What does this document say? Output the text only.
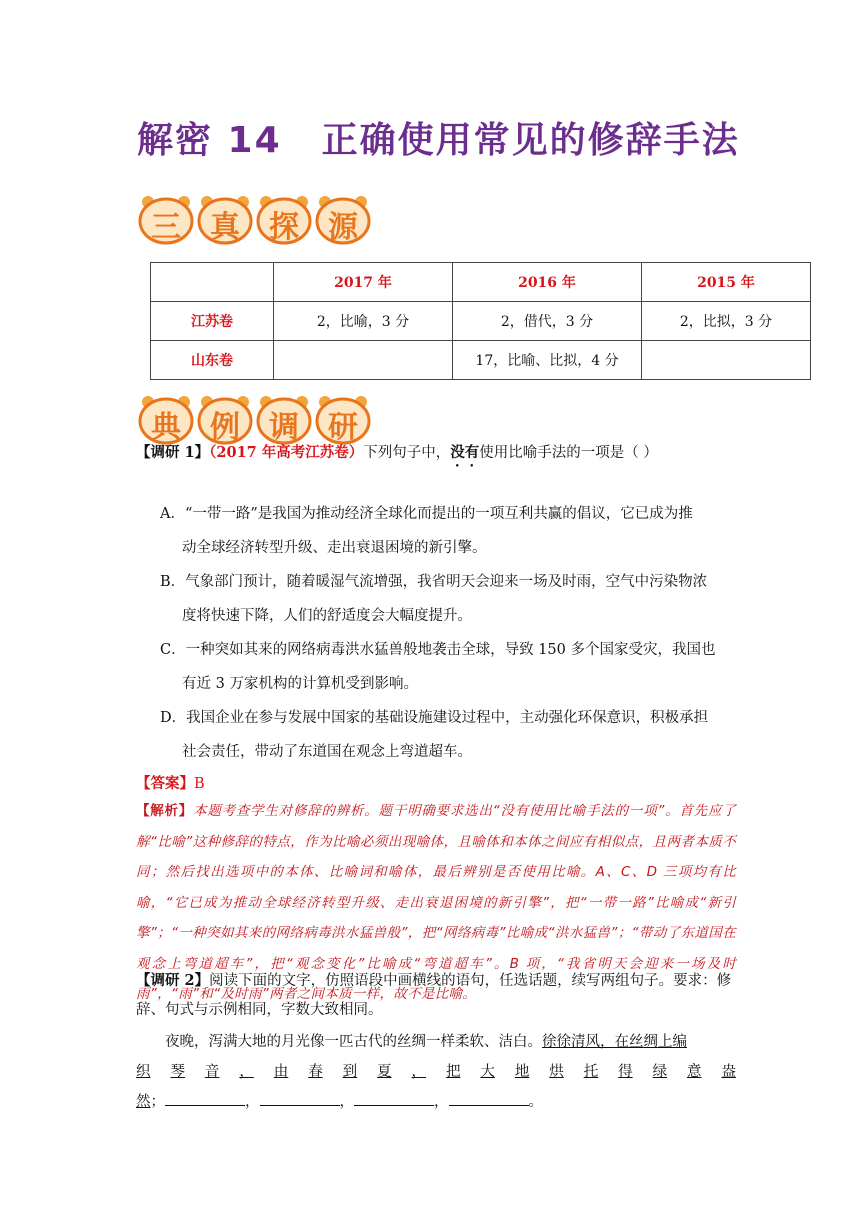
解密 14 正确使用常见的修辞手法
三 真 探 源
	2017 年	2016 年	2015 年
江苏卷	2，比喻，3 分	2，借代，3 分	2，比拟，3 分
山东卷		17，比喻、比拟，4 分	
典 例 调 研
【调研 1】（2017 年高考江苏卷）下列句子中，没有使用比喻手法的一项是（ ）
A．“一带一路”是我国为推动经济全球化而提出的一项互利共赢的倡议，它已成为推
动全球经济转型升级、走出衰退困境的新引擎。
B．气象部门预计，随着暖湿气流增强，我省明天会迎来一场及时雨，空气中污染物浓
度将快速下降，人们的舒适度会大幅度提升。
C．一种突如其来的网络病毒洪水猛兽般地袭击全球，导致 150 多个国家受灾，我国也
有近 3 万家机构的计算机受到影响。
D．我国企业在参与发展中国家的基础设施建设过程中，主动强化环保意识，积极承担
社会责任，带动了东道国在观念上弯道超车。
【答案】B
【解析】本题考查学生对修辞的辨析。题干明确要求选出“没有使用比喻手法的一项”。首先应了解“比喻”这种修辞的特点，作为比喻必须出现喻体，且喻体和本体之间应有相似点，且两者本质不同；然后找出选项中的本体、比喻词和喻体，最后辨别是否使用比喻。A、C、D 三项均有比喻，“它已成为推动全球经济转型升级、走出衰退困境的新引擎”，把“一带一路”比喻成“新引擎”；“一种突如其来的网络病毒洪水猛兽般”，把“网络病毒”比喻成“洪水猛兽”；“带动了东道国在观念上弯道超车”，把“观念变化”比喻成“弯道超车”。B 项，“我省明天会迎来一场及时雨”，“雨”和“及时雨”两者之间本质一样，故不是比喻。
【调研 2】阅读下面的文字，仿照语段中画横线的语句，任选话题，续写两组句子。要求：修辞、句式与示例相同，字数大致相同。
夜晚，泻满大地的月光像一匹古代的丝绸一样柔软、洁白。徐徐清风，在丝绸上编
织 琴 音 ， 由 春 到 夏 ， 把 大 地 烘 托 得 绿 意 盎
然；	，	，	，	。
